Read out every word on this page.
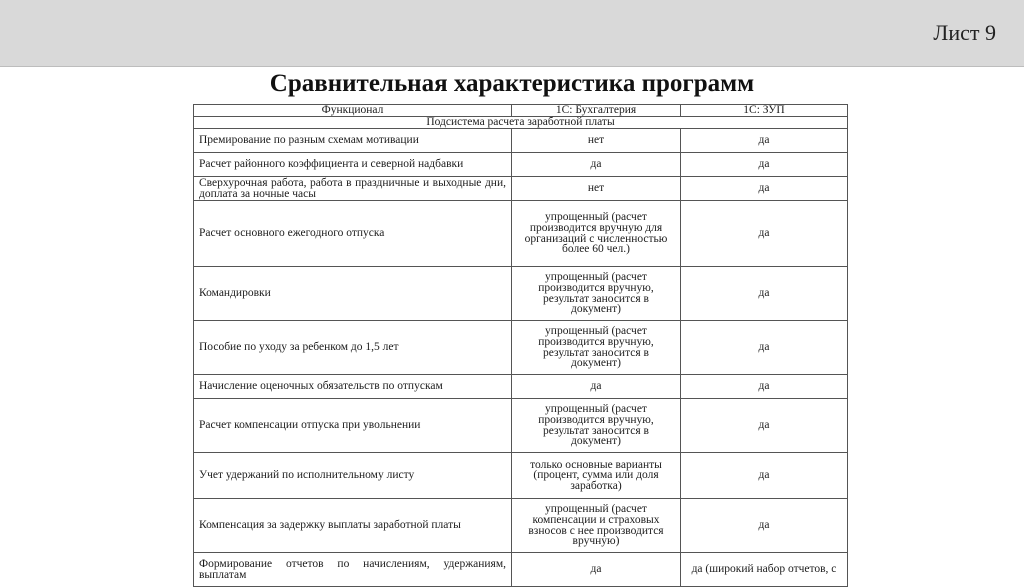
Лист 9
Сравнительная характеристика программ
Функционал	1С: Бухгалтерия	1С: ЗУП
Подсистема расчета заработной платы		
Премирование по разным схемам мотивации	нет	да
Расчет районного коэффициента и северной надбавки	да	да
Сверхурочная работа, работа в праздничные и выходные дни, доплата за ночные часы	нет	да
Расчет основного ежегодного отпуска	упрощенный (расчет производится вручную для организаций с численностью более 60 чел.)	да
Командировки	упрощенный (расчет производится вручную, результат заносится в документ)	да
Пособие по уходу за ребенком до 1,5 лет	упрощенный (расчет производится вручную, результат заносится в документ)	да
Начисление оценочных обязательств по отпускам	да	да
Расчет компенсации отпуска при увольнении	упрощенный (расчет производится вручную, результат заносится в документ)	да
Учет удержаний по исполнительному листу	только основные варианты (процент, сумма или доля заработка)	да
Компенсация за задержку выплаты заработной платы	упрощенный (расчет компенсации и страховых взносов с нее производится вручную)	да
Формирование отчетов по начислениям, удержаниям, выплатам	да	да (широкий набор отчетов, с
